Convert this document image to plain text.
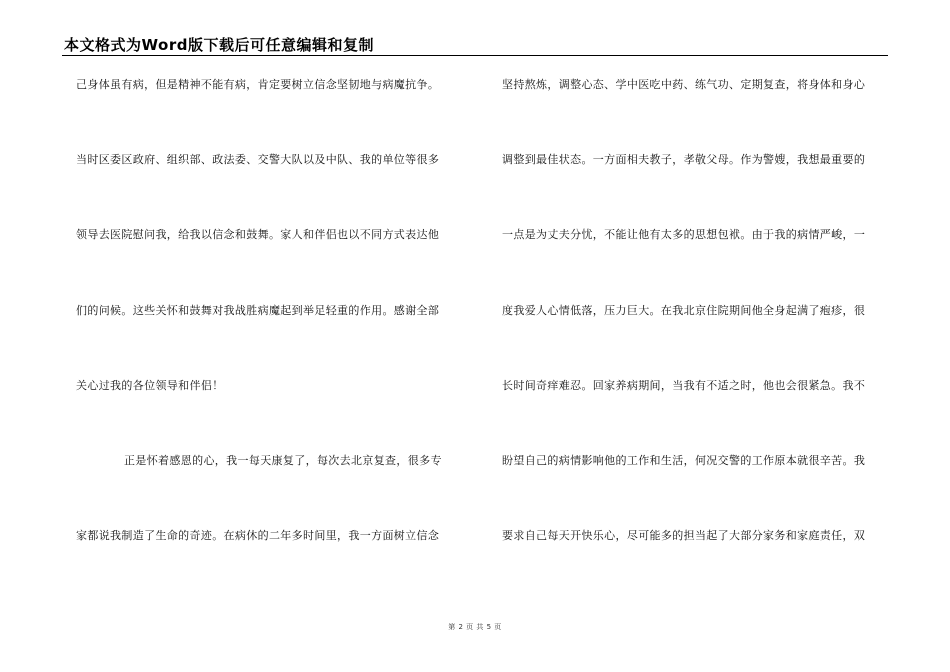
本文格式为Word版下载后可任意编辑和复制
己身体虽有病，但是精神不能有病，肯定要树立信念坚韧地与病魔抗争。
当时区委区政府、组织部、政法委、交警大队以及中队、我的单位等很多
领导去医院慰问我，给我以信念和鼓舞。家人和伴侣也以不同方式表达他
们的问候。这些关怀和鼓舞对我战胜病魔起到举足轻重的作用。感谢全部
关心过我的各位领导和伴侣！
正是怀着感恩的心，我一每天康复了，每次去北京复查，很多专
家都说我制造了生命的奇迹。在病休的二年多时间里，我一方面树立信念
坚持熬炼，调整心态、学中医吃中药、练气功、定期复查，将身体和身心
调整到最佳状态。一方面相夫教子，孝敬父母。作为警嫂，我想最重要的
一点是为丈夫分忧，不能让他有太多的思想包袱。由于我的病情严峻，一
度我爱人心情低落，压力巨大。在我北京住院期间他全身起满了疱疹，很
长时间奇痒难忍。回家养病期间，当我有不适之时，他也会很紧急。我不
盼望自己的病情影响他的工作和生活，何况交警的工作原本就很辛苦。我
要求自己每天开快乐心，尽可能多的担当起了大部分家务和家庭责任，双
第 2 页 共 5 页
